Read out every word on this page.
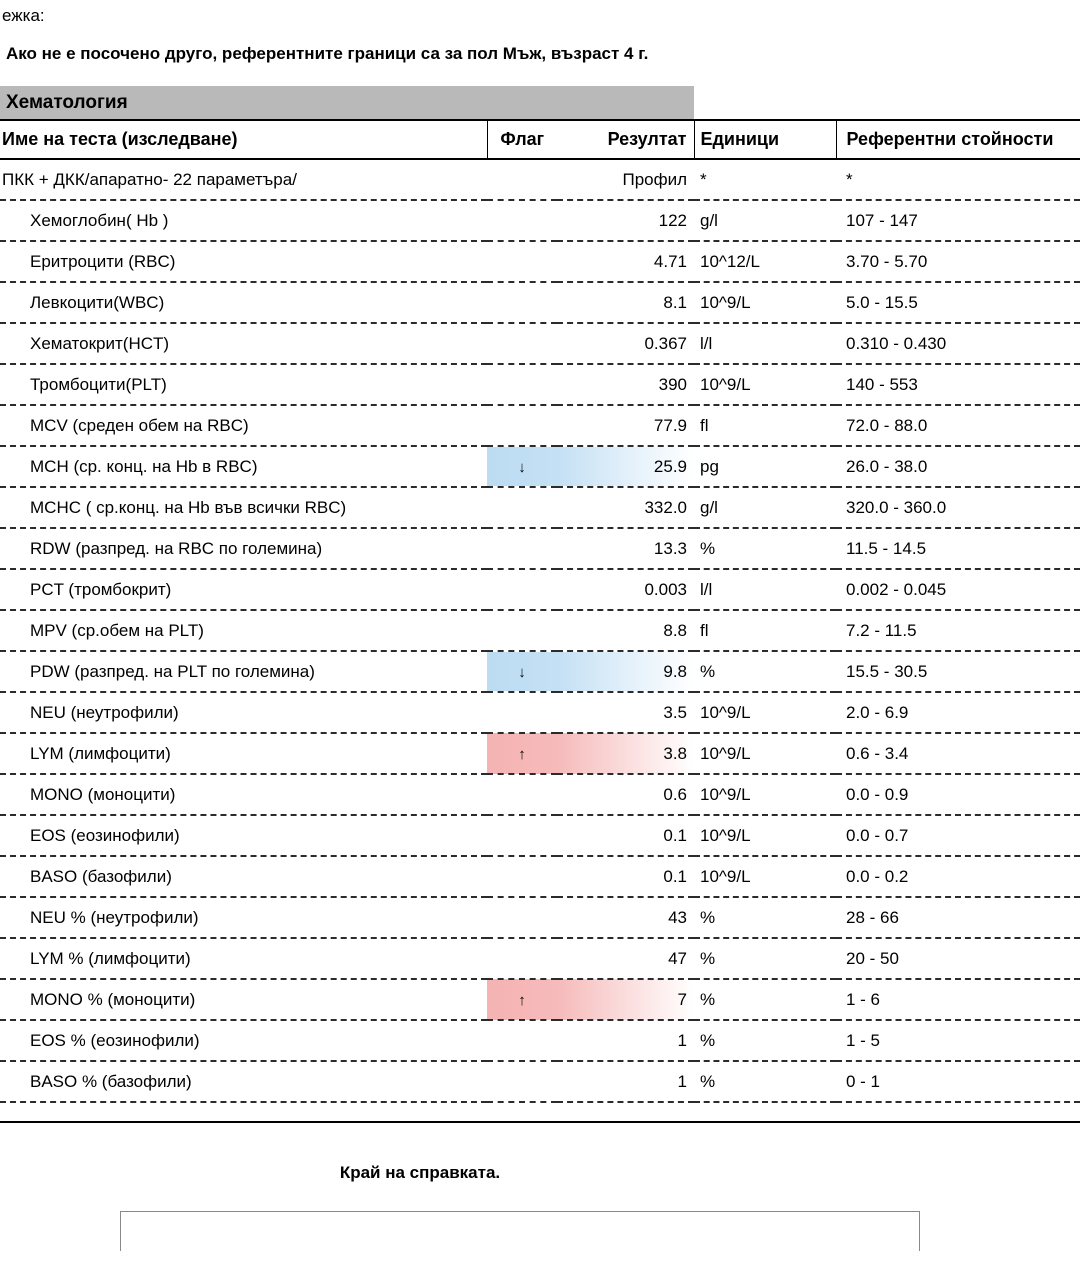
ежка:
Ако не е посочено друго, референтните граници са за пол Мъж, възраст 4 г.
Хематология
Име на теста (изследване)	Флаг	Резултат	Единици	Референтни стойности
ПКК + ДКК/апаратно- 22 параметъра/		Профил	*	*
Хемоглобин( Hb )		122	g/l	107 - 147
Еритроцити (RBC)		4.71	10^12/L	3.70 - 5.70
Левкоцити(WBC)		8.1	10^9/L	5.0 - 15.5
Хематокрит(HCT)		0.367	l/l	0.310 - 0.430
Тромбоцити(PLT)		390	10^9/L	140 - 553
MCV (среден обем на RBC)		77.9	fl	72.0 - 88.0
MCH (ср. конц. на Hb в RBC)	↓	25.9	pg	26.0 - 38.0
MCHC ( ср.конц. на Hb във всички RBC)		332.0	g/l	320.0 - 360.0
RDW (разпред. на RBC по големина)		13.3	%	11.5 - 14.5
PCT (тромбокрит)		0.003	l/l	0.002 - 0.045
MPV (ср.обем на PLT)		8.8	fl	7.2 - 11.5
PDW (разпред. на PLT по големина)	↓	9.8	%	15.5 - 30.5
NEU (неутрофили)		3.5	10^9/L	2.0 - 6.9
LYM (лимфоцити)	↑	3.8	10^9/L	0.6 - 3.4
MONO (моноцити)		0.6	10^9/L	0.0 - 0.9
EOS (еозинофили)		0.1	10^9/L	0.0 - 0.7
BASO (базофили)		0.1	10^9/L	0.0 - 0.2
NEU % (неутрофили)		43	%	28 - 66
LYM % (лимфоцити)		47	%	20 - 50
MONO % (моноцити)	↑	7	%	1 - 6
EOS % (еозинофили)		1	%	1 - 5
BASO % (базофили)		1	%	0 - 1
Край на справката.
